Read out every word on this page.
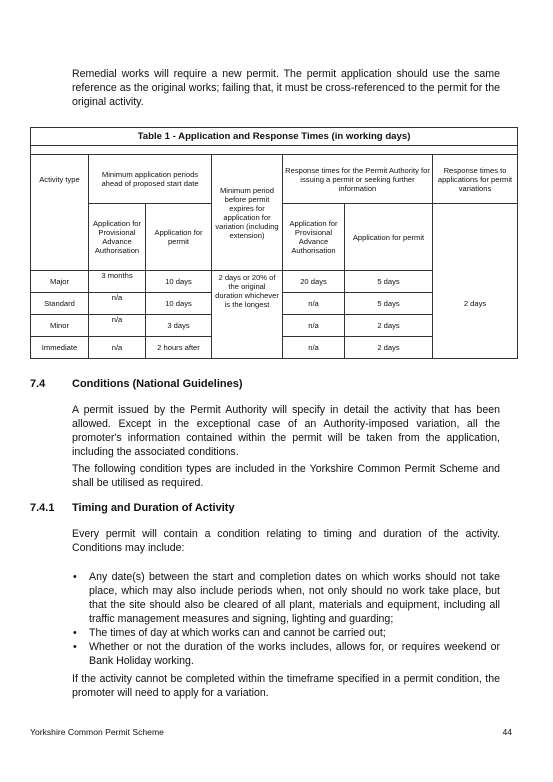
Remedial works will require a new permit. The permit application should use the same reference as the original works; failing that, it must be cross-referenced to the permit for the original activity.

Table 1 - Application and Response Times (in working days)						

Activity type	Minimum application periods ahead of proposed start date		Minimum period before permit expires for application for variation (including extension)	Response times for the Permit Authority for issuing a permit or seeking further information		Response times to applications for permit variations
	Application for Provisional Advance Authorisation	Application for permit		Application for Provisional Advance Authorisation	Application for permit	
Major	3 months	10 days	2 days or 20% of the original duration whichever is the longest	20 days	5 days	
Standard	n/a	10 days		n/a	5 days	2 days
Minor	n/a	3 days		n/a	2 days	
Immediate	n/a	2 hours after		n/a	2 days	

7.4 Conditions (National Guidelines)

A permit issued by the Permit Authority will specify in detail the activity that has been allowed. Except in the exceptional case of an Authority-imposed variation, all the promoter's information contained within the permit will be taken from the application, including the associated conditions.

The following condition types are included in the Yorkshire Common Permit Scheme and shall be utilised as required.

7.4.1 Timing and Duration of Activity

Every permit will contain a condition relating to timing and duration of the activity. Conditions may include:

• Any date(s) between the start and completion dates on which works should not take place, which may also include periods when, not only should no work take place, but that the site should also be cleared of all plant, materials and equipment, including all traffic management measures and signing, lighting and guarding;
• The times of day at which works can and cannot be carried out;
• Whether or not the duration of the works includes, allows for, or requires weekend or Bank Holiday working.

If the activity cannot be completed within the timeframe specified in a permit condition, the promoter will need to apply for a variation.

Yorkshire Common Permit Scheme	44
